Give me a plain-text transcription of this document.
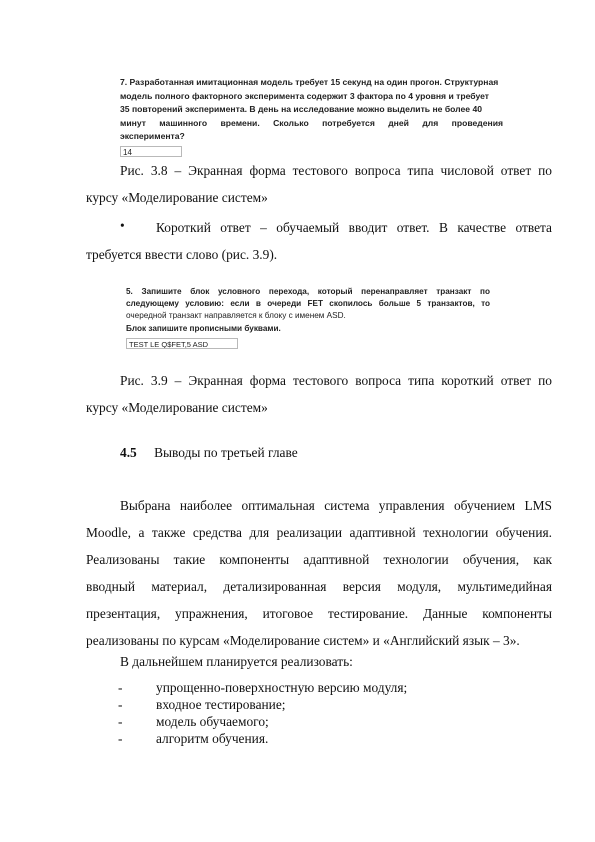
7. Разработанная имитационная модель требует 15 секунд на один прогон. Структурная
модель полного факторного эксперимента содержит 3 фактора по 4 уровня и требует
35 повторений эксперимента. В день на исследование можно выделить не более 40
минут машинного времени. Сколько потребуется дней для проведения
эксперимента?
14
Рис. 3.8 – Экранная форма тестового вопроса типа числовой ответ по
курсу «Моделирование систем»
•	Короткий ответ – обучаемый вводит ответ. В качестве ответа
требуется ввести слово (рис. 3.9).
5. Запишите блок условного перехода, который перенаправляет транзакт по
следующему условию: если в очереди FET скопилось больше 5 транзактов, то
очередной транзакт направляется к блоку с именем ASD.
Блок запишите прописными буквами.
TEST LE Q$FET,5 ASD
Рис. 3.9 – Экранная форма тестового вопроса типа короткий ответ по
курсу «Моделирование систем»
4.5 Выводы по третьей главе
Выбрана наиболее оптимальная система управления обучением LMS
Moodle, а также средства для реализации адаптивной технологии обучения.
Реализованы такие компоненты адаптивной технологии обучения, как
вводный материал, детализированная версия модуля, мультимедийная
презентация, упражнения, итоговое тестирование. Данные компоненты
реализованы по курсам «Моделирование систем» и «Английский язык – 3».
В дальнейшем планируется реализовать:
-	упрощенно-поверхностную версию модуля;
-	входное тестирование;
-	модель обучаемого;
-	алгоритм обучения.
